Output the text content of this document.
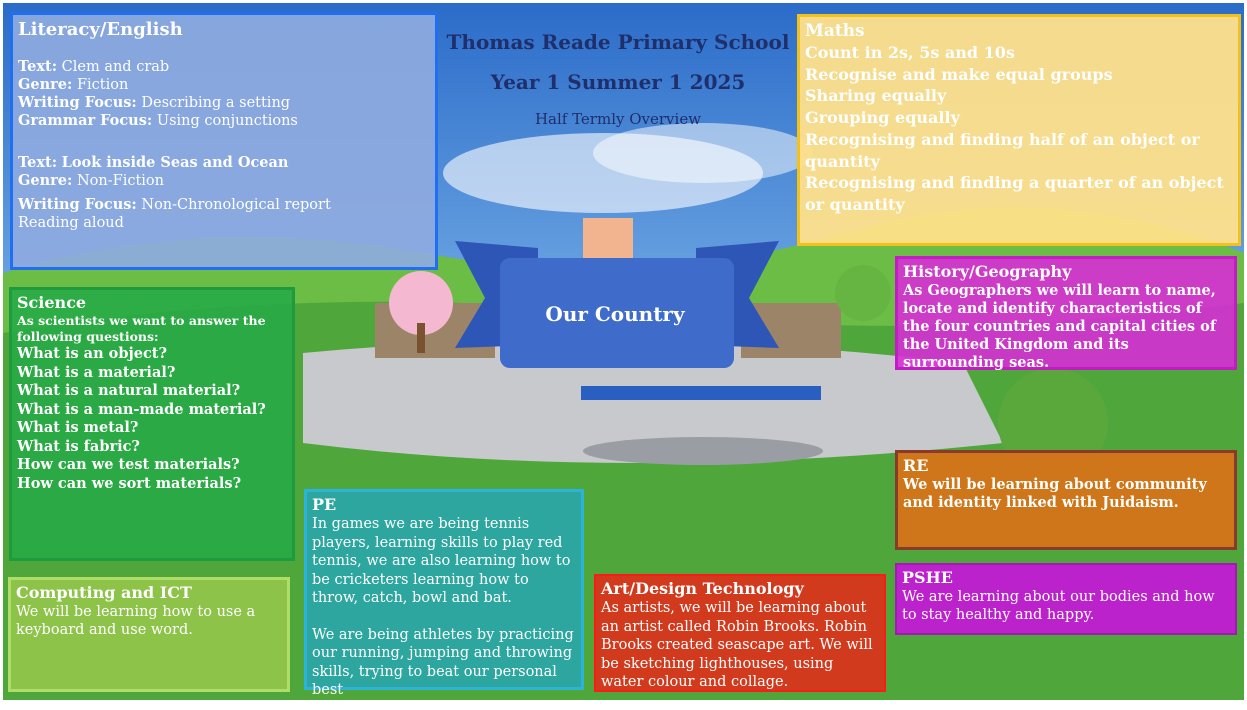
Thomas Reade Primary School
Year 1 Summer 1 2025
Half Termly Overview
Our Country
Literacy/English

Text: Clem and crab

Genre: Fiction

Writing Focus: Describing a setting

Grammar Focus: Using conjunctions

Text: Look inside Seas and Ocean

Genre: Non-Fiction

Writing Focus: Non-Chronological report

Reading aloud

Maths

Count in 2s, 5s and 10s

Recognise and make equal groups

Sharing equally

Grouping equally

Recognising and finding half of an object or quantity

Recognising and finding a quarter of an object or quantity

Science

As scientists we want to answer the following questions:

What is an object?

What is a material?

What is a natural material?

What is a man-made material?

What is metal?

What is fabric?

How can we test materials?

How can we sort materials?

History/Geography

As Geographers we will learn to name, locate and identify characteristics of the four countries and capital cities of the United Kingdom and its surrounding seas.

RE

We will be learning about community and identity linked with Juidaism.

PSHE

We are learning about our bodies and how to stay healthy and happy.

PE

In games we are being tennis players, learning skills to play red tennis, we are also learning how to be cricketers learning how to throw, catch, bowl and bat.

We are being athletes by practicing our running, jumping and throwing skills, trying to beat our personal best

Computing and ICT

We will be learning how to use a keyboard and use word.

Art/Design Technology

As artists, we will be learning about an artist called Robin Brooks. Robin Brooks created seascape art. We will be sketching lighthouses, using water colour and collage.
